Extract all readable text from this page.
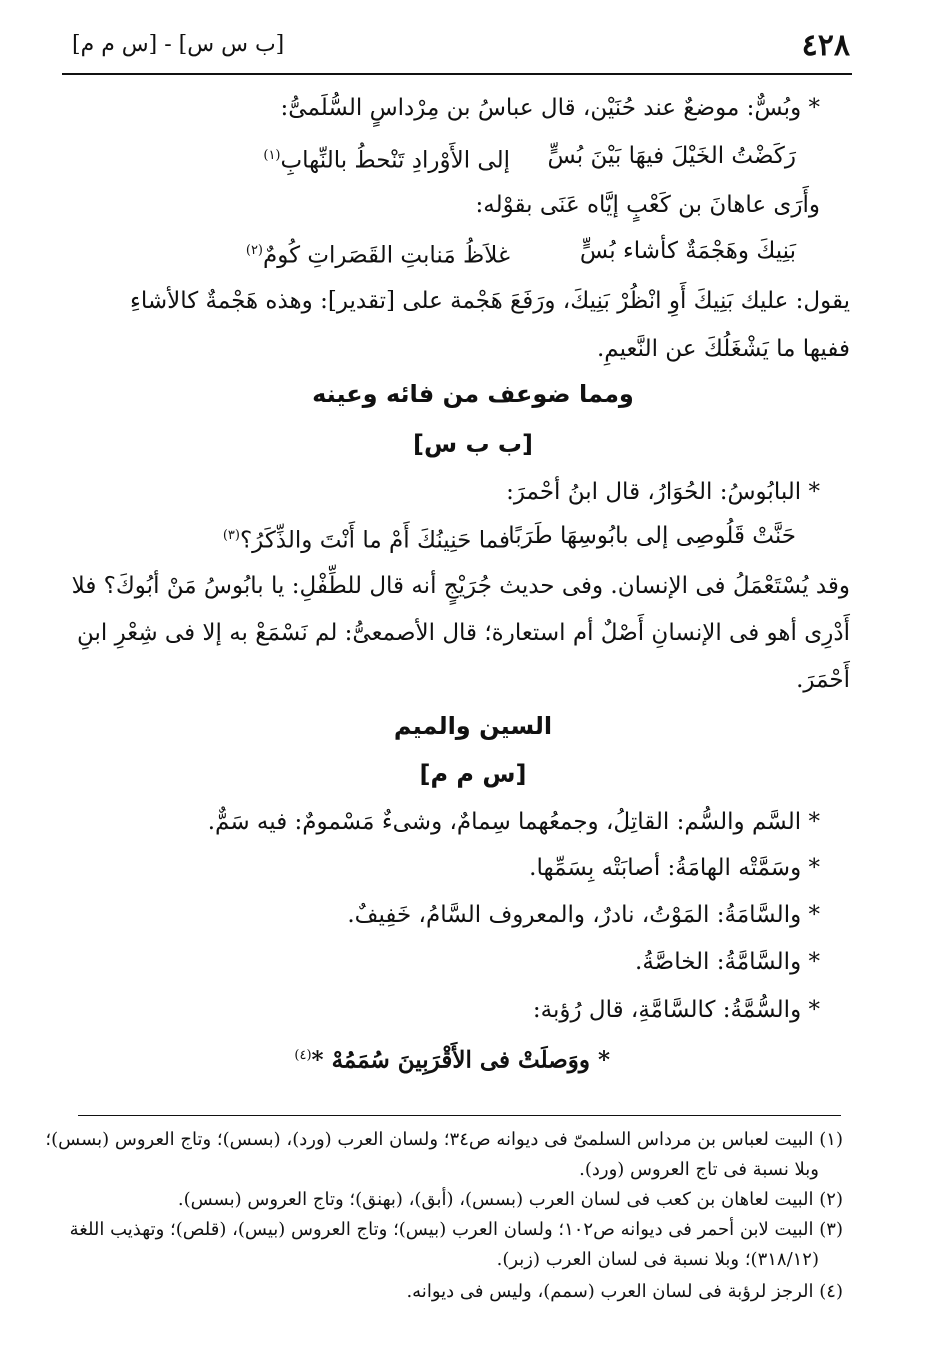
٤٢٨
[ب س س] - [س م م]
* وبُسٌّ: موضعٌ عند حُنَيْن، قال عباسُ بن مِرْداسٍ السُّلَمىُّ:
رَكَضْتُ الخَيْلَ فيهَا بَيْنَ بُسٍّ
إلى الأَوْرادِ تَنْحطُ بالنِّهابِ$^{(١)}$
وأَرَى عاهانَ بن كَعْبٍ إيَّاه عَنَى بقوْله:
بَنِيكَ وهَجْمَةٌ كأشاء بُسٍّ
غلاَظُ مَنابتِ القَصَراتِ كُومٌ$^{(٢)}$
يقول: عليك بَنِيكَ أَوِ انْظُرْ بَنِيكَ، ورَفَعَ هَجْمة على [تقدير]: وهذه هَجْمةٌ كالأشاءِ
ففيها ما يَشْغَلُكَ عن النَّعيمِ.
ومما ضوعف من فائه وعينه
[ب ب س]
* البابُوسُ: الحُوَارُ، قال ابنُ أحْمرَ:
حَنَّتْ قَلُوصِى إلى بابُوسِهَا طَرَبًا
فما حَنِينُكَ أَمْ ما أَنْتَ والذِّكَرُ؟$^{(٣)}$
وقد يُسْتَعْمَلُ فى الإنسان. وفى حديث جُرَيْجٍ أنه قال للطِّفْلِ: يا بابُوسُ مَنْ أبُوكَ؟ فلا
أَدْرِى أهو فى الإنسانِ أَصْلٌ أم استعارة؛ قال الأصمعىُّ: لم نَسْمَعْ به إلا فى شِعْرِ ابنِ
أَحْمَرَ.
السين والميم
[س م م]
* السَّم والسُّم: القاتِلُ، وجمعُهما سِمامٌ، وشىءٌ مَسْمومٌ: فيه سَمٌّ.
* وسَمَّتْه الهامَةُ: أصابَتْه بِسَمِّها.
* والسَّامَةُ: المَوْتُ، نادرٌ، والمعروف السَّامُ، خَفِيفٌ.
* والسَّامَّةُ: الخاصَّةُ.
* والسُّمَّةُ: كالسَّامَّةِ، قال رُؤبة:
* ووَصلَتْ فى الأَقْرَبِينَ سُمَمُهْ *$^{(٤)}$
(١) البيت لعباس بن مرداس السلمىّ فى ديوانه ص٣٤؛ ولسان العرب (ورد)، (بسس)؛ وتاج العروس (بسس)؛
وبلا نسبة فى تاج العروس (ورد).
(٢) البيت لعاهان بن كعب فى لسان العرب (بسس)، (أبق)، (بهنق)؛ وتاج العروس (بسس).
(٣) البيت لابن أحمر فى ديوانه ص١٠٢؛ ولسان العرب (بيس)؛ وتاج العروس (بيس)، (قلص)؛ وتهذيب اللغة
(٣١٨/١٢)؛ وبلا نسبة فى لسان العرب (زبر).
(٤) الرجز لرؤبة فى لسان العرب (سمم)، وليس فى ديوانه.
